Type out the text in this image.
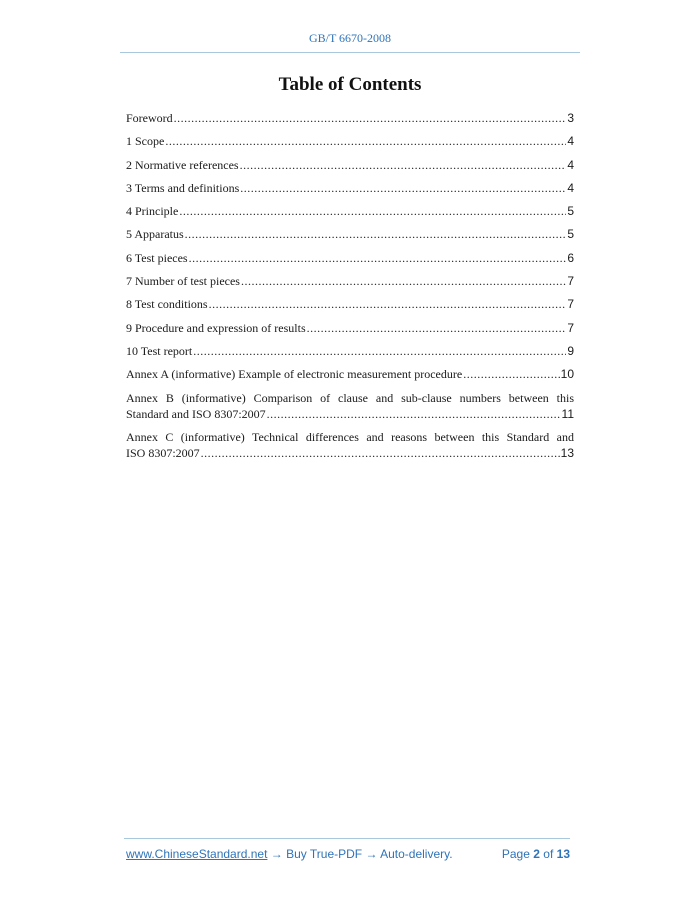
GB/T 6670-2008
Table of Contents
Foreword .....	3
1 Scope .....	4
2 Normative references .....	4
3 Terms and definitions .....	4
4 Principle .....	5
5 Apparatus .....	5
6 Test pieces .....	6
7 Number of test pieces .....	7
8 Test conditions .....	7
9 Procedure and expression of results .....	7
10 Test report .....	9
Annex A (informative) Example of electronic measurement procedure .....	10
Annex B (informative) Comparison of clause and sub-clause numbers between this
Standard and ISO 8307:2007 .....	11
Annex C (informative) Technical differences and reasons between this Standard and
ISO 8307:2007 .....	13
www.ChineseStandard.net → Buy True-PDF → Auto-delivery.	Page 2 of 13
